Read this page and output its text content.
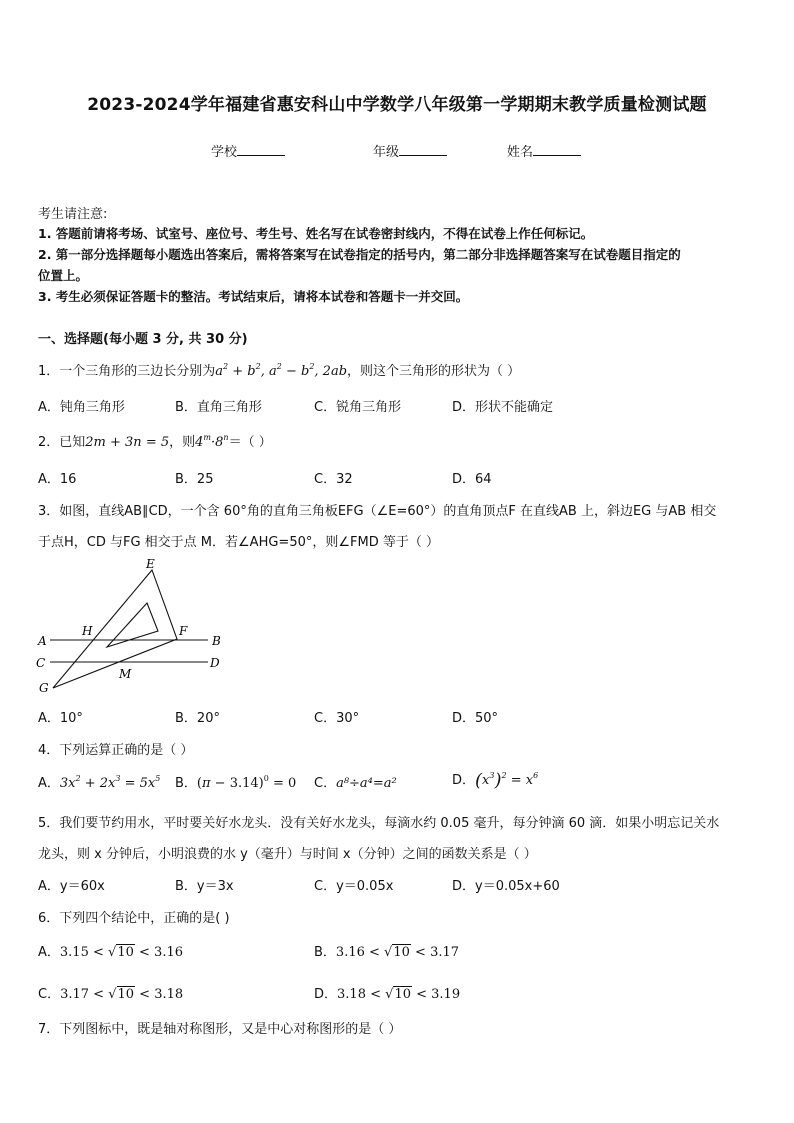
2023-2024学年福建省惠安科山中学数学八年级第一学期期末教学质量检测试题
学校	年级	姓名
考生请注意:
1. 答题前请将考场、试室号、座位号、考生号、姓名写在试卷密封线内，不得在试卷上作任何标记。
2. 第一部分选择题每小题选出答案后，需将答案写在试卷指定的括号内，第二部分非选择题答案写在试卷题目指定的
位置上。
3. 考生必须保证答题卡的整洁。考试结束后，请将本试卷和答题卡一并交回。
一、选择题(每小题 3 分, 共 30 分)
1．一个三角形的三边长分别为$a^2 + b^2$, $a^2 - b^2$, 2ab，则这个三角形的形状为（ ）
A．钝角三角形	B．直角三角形	C．锐角三角形	D．形状不能确定
2．已知2m + 3n = 5，则$4^m\cdot 8^n=$（ ）
A．16	B．25	C．32	D．64
3．如图，直线AB∥CD，一个含 60°角的直角三角板EFG（∠E=60°）的直角顶点F 在直线AB 上，斜边EG 与AB 相交
于点H，CD 与FG 相交于点 M．若∠AHG=50°，则∠FMD 等于（ ）
E
H	F
A	B
C	D
M
G
A．10°	B．20°	C．30°	D．50°
4．下列运算正确的是（ ）
A．$3x^2 + 2x^3 = 5x^5$ B．$(\pi - 3.14)^0 = 0$ C．a⁸÷a⁴=a²	D．$(x^3)^2 = x^6$
5．我们要节约用水，平时要关好水龙头．没有关好水龙头，每滴水约 0.05 毫升，每分钟滴 60 滴．如果小明忘记关水
龙头，则 x 分钟后，小明浪费的水 y（毫升）与时间 x（分钟）之间的函数关系是（ ）
A．y＝60x	B．y＝3x	C．y＝0.05x	D．y＝0.05x+60
6．下列四个结论中，正确的是( )
A．3.15 < √10 < 3.16	B．3.16 < √10 < 3.17
C．3.17 < √10 < 3.18	D．3.18 < √10 < 3.19
7．下列图标中，既是轴对称图形，又是中心对称图形的是（ ）
